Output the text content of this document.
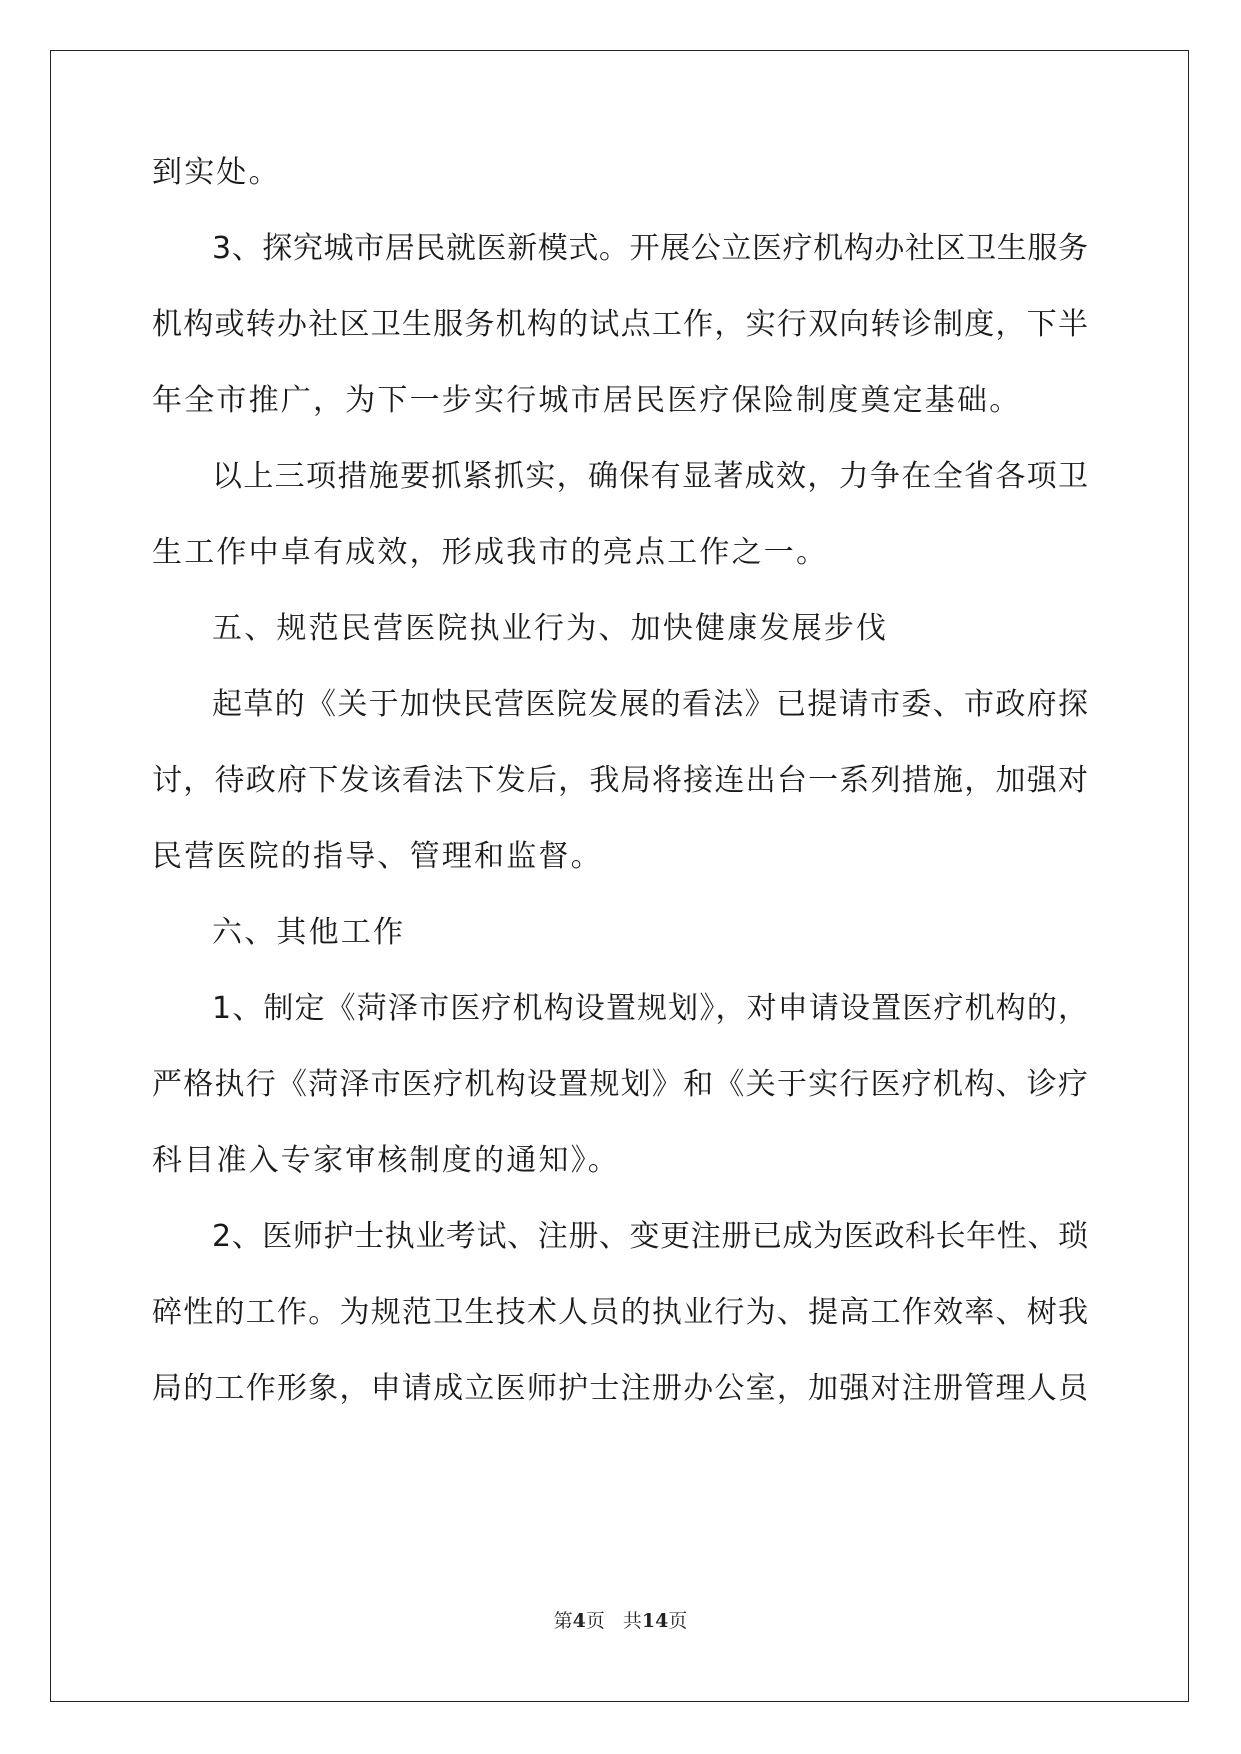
到实处。
3、探究城市居民就医新模式。开展公立医疗机构办社区卫生服务
机构或转办社区卫生服务机构的试点工作，实行双向转诊制度，下半
年全市推广，为下一步实行城市居民医疗保险制度奠定基础。
以上三项措施要抓紧抓实，确保有显著成效，力争在全省各项卫
生工作中卓有成效，形成我市的亮点工作之一。
五、规范民营医院执业行为、加快健康发展步伐
起草的《关于加快民营医院发展的看法》已提请市委、市政府探
讨，待政府下发该看法下发后，我局将接连出台一系列措施，加强对
民营医院的指导、管理和监督。
六、其他工作
1、制定《菏泽市医疗机构设置规划》，对申请设置医疗机构的，
严格执行《菏泽市医疗机构设置规划》和《关于实行医疗机构、诊疗
科目准入专家审核制度的通知》。
2、医师护士执业考试、注册、变更注册已成为医政科长年性、琐
碎性的工作。为规范卫生技术人员的执业行为、提高工作效率、树我
局的工作形象，申请成立医师护士注册办公室，加强对注册管理人员
第4页 共14页
